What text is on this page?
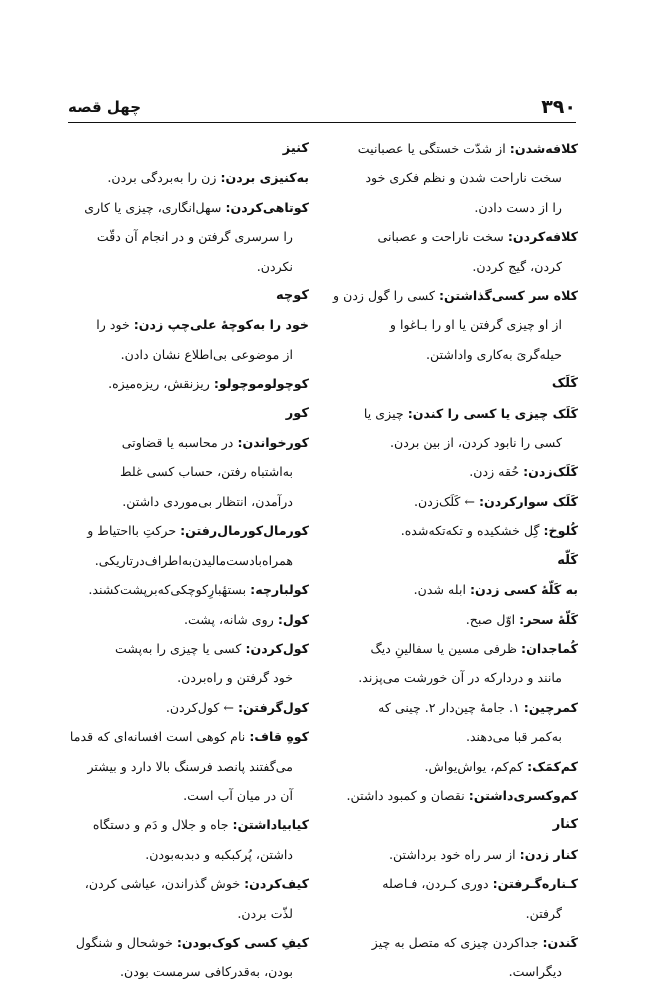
۳۹۰
چهل قصه
کلافه‌شدن: از شدّت خستگی یا عصبانیت
سخت ناراحت شدن و نظم فکری خود
را از دست دادن.
کلافه‌کردن: سخت ناراحت و عصبانی
کردن، گیج کردن.
کلاه سر کسی‌گذاشتن: کسی را گول زدن و
از او چیزی گرفتن یا او را بـاغوا و
حیله‌گریَ به‌کاری واداشتن.
کَلَک
کَلَک چیزی یا کسی را کندن: چیزی یا
کسی را نابود کردن، از بین بردن.
کَلَک‌زدن: حُقه زدن.
کَلَک سوارکردن: ← کَلَک‌زدن.
کُلوخ: گِل خشکیده و تکه‌تکه‌شده.
کَلّه
به کَلّهٔ کسی زدن: ابله شدن.
کَلّهٔ سحر: اوّل صبح.
کُماجدان: ظرفی مسین یا سفالینِ دیگ
مانند و درداركه در آن خورشت می‌پزند.
کمرچین: ۱. جامهٔ چین‌دار ۲. چینی که
به‌کمر قبا می‌دهند.
کم‌کمَک: کم‌کم، یواش‌یواش.
کم‌وکسری‌داشتن: نقصان و کمبود داشتن.
کنار
کنار زدن: از سر راه خود برداشتن.
کـناره‌گـرفتن: دوری کـردن، فـاصله
گرفتن.
کَندن: جداکردن چیزی که متصل به چیز
دیگراست.
کنیز
به‌کنیزی بردن: زن را به‌بردگی بردن.
کوتاهی‌کردن: سهل‌انگاری، چیزی یا کاری
را سرسری گرفتن و در انجام آن دقّت
نکردن.
کوچه
خود را به‌کوچهٔ علی‌چپ زدن: خود را
از موضوعی بی‌اطلاع نشان دادن.
کوچولوموچولو: ریزنقش، ریزه‌میزه.
کور
کورخواندن: در محاسبه یا قضاوتی
به‌اشتباه رفتن، حساب کسی غلط
درآمدن، انتظار بی‌موردی داشتن.
کورمال‌کورمال‌رفتن: حرکتِ بااحتیاط و
همراه‌بادست‌مالیدن‌به‌اطراف‌درتاریکی.
کولبارچه: بستهٔبارِکوچکی‌که‌برپشت‌کشند.
کول: روی شانه، پشت.
کول‌کردن: کسی یا چیزی را به‌پشت
خود گرفتن و راه‌بردن.
کول‌گرفتن: ← کول‌کردن.
کوهِ قاف: نام کوهی است افسانه‌ای که قدما
می‌گفتند پانصد فرسنگ بالا دارد و بیشتر
آن در میان آب است.
کیابیاداشتن: جاه و جلال و دَم و دستگاه
داشتن، پُرکبکبه و دبدبه‌بودن.
کیف‌کردن: خوش گذراندن، عیاشی کردن،
لذّت بردن.
کیفِ کسی کوک‌بودن: خوشحال و شنگول
بودن، به‌قدرکافی سرمست بودن.
